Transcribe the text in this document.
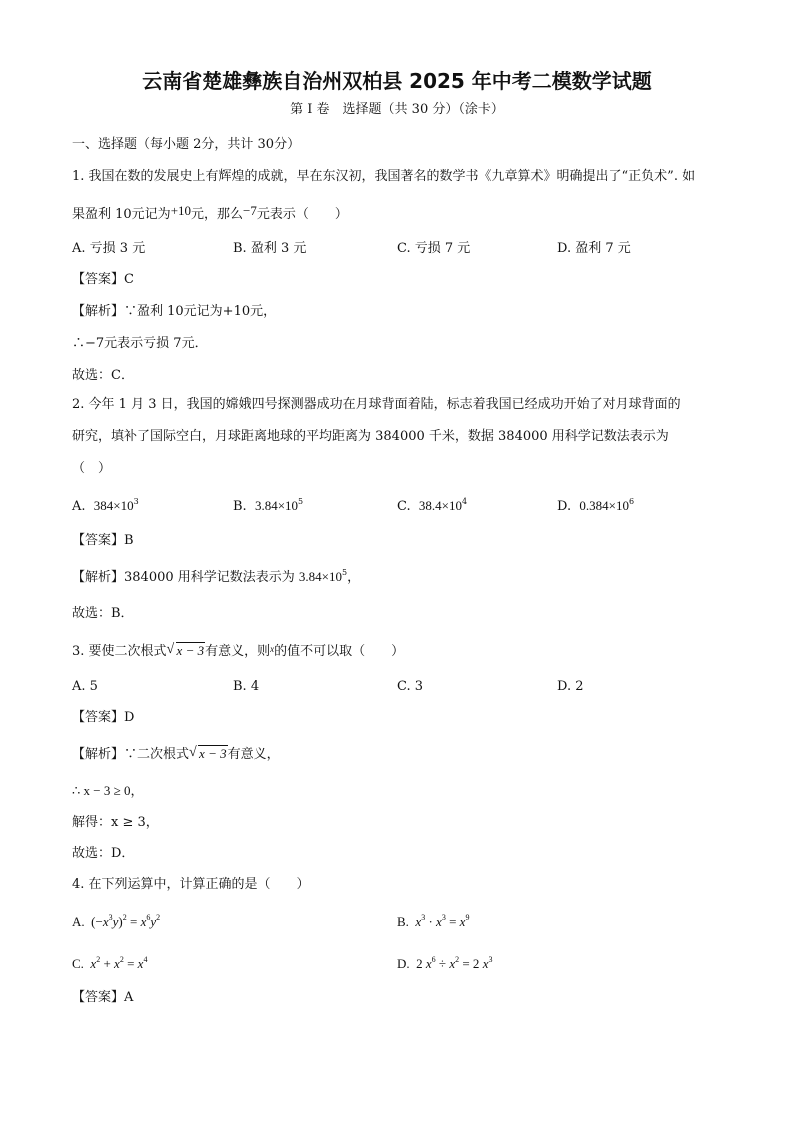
云南省楚雄彝族自治州双柏县 2025 年中考二模数学试题
第 I 卷　选择题（共 30 分）（涂卡）
一、选择题（每小题 2分，共计 30分）
1. 我国在数的发展史上有辉煌的成就，早在东汉初，我国著名的数学书《九章算术》明确提出了“正负术”. 如
果盈利 10元记为+10元，那么−7元表示（　　）
A. 亏损 3 元	B. 盈利 3 元	C. 亏损 7 元	D. 盈利 7 元
【答案】C
【解析】∵盈利 10元记为+10元，
∴−7元表示亏损 7元．
故选：C．
2. 今年 1 月 3 日，我国的嫦娥四号探测器成功在月球背面着陆，标志着我国已经成功开始了对月球背面的
研究，填补了国际空白，月球距离地球的平均距离为 384000 千米，数据 384000 用科学记数法表示为
（　）
A. $384\times 10^3$	B. $3.84\times 10^5$	C. $38.4\times 10^4$	D. $0.384\times 10^6$
【答案】B
【解析】384000 用科学记数法表示为 $3.84\times 10^5$，
故选：B．
3. 要使二次根式 √ x − 3有意义，则$^x$的值不可以取（　　）
A. 5	B. 4	C. 3	D. 2
【答案】D
【解析】∵二次根式 √ x − 3有意义，
∴ x − 3 ≥ 0，
解得：x ≥ 3，
故选：D．
4. 在下列运算中，计算正确的是（　　）
A.  $(-x^3y)^2 = x^6y^2$	B. $x^3 \cdot x^3 = x^9$
C. $x^2 + x^2 = x^4$	D.  2 $x^6 \div x^2 = 2$ $x^3$
【答案】A
